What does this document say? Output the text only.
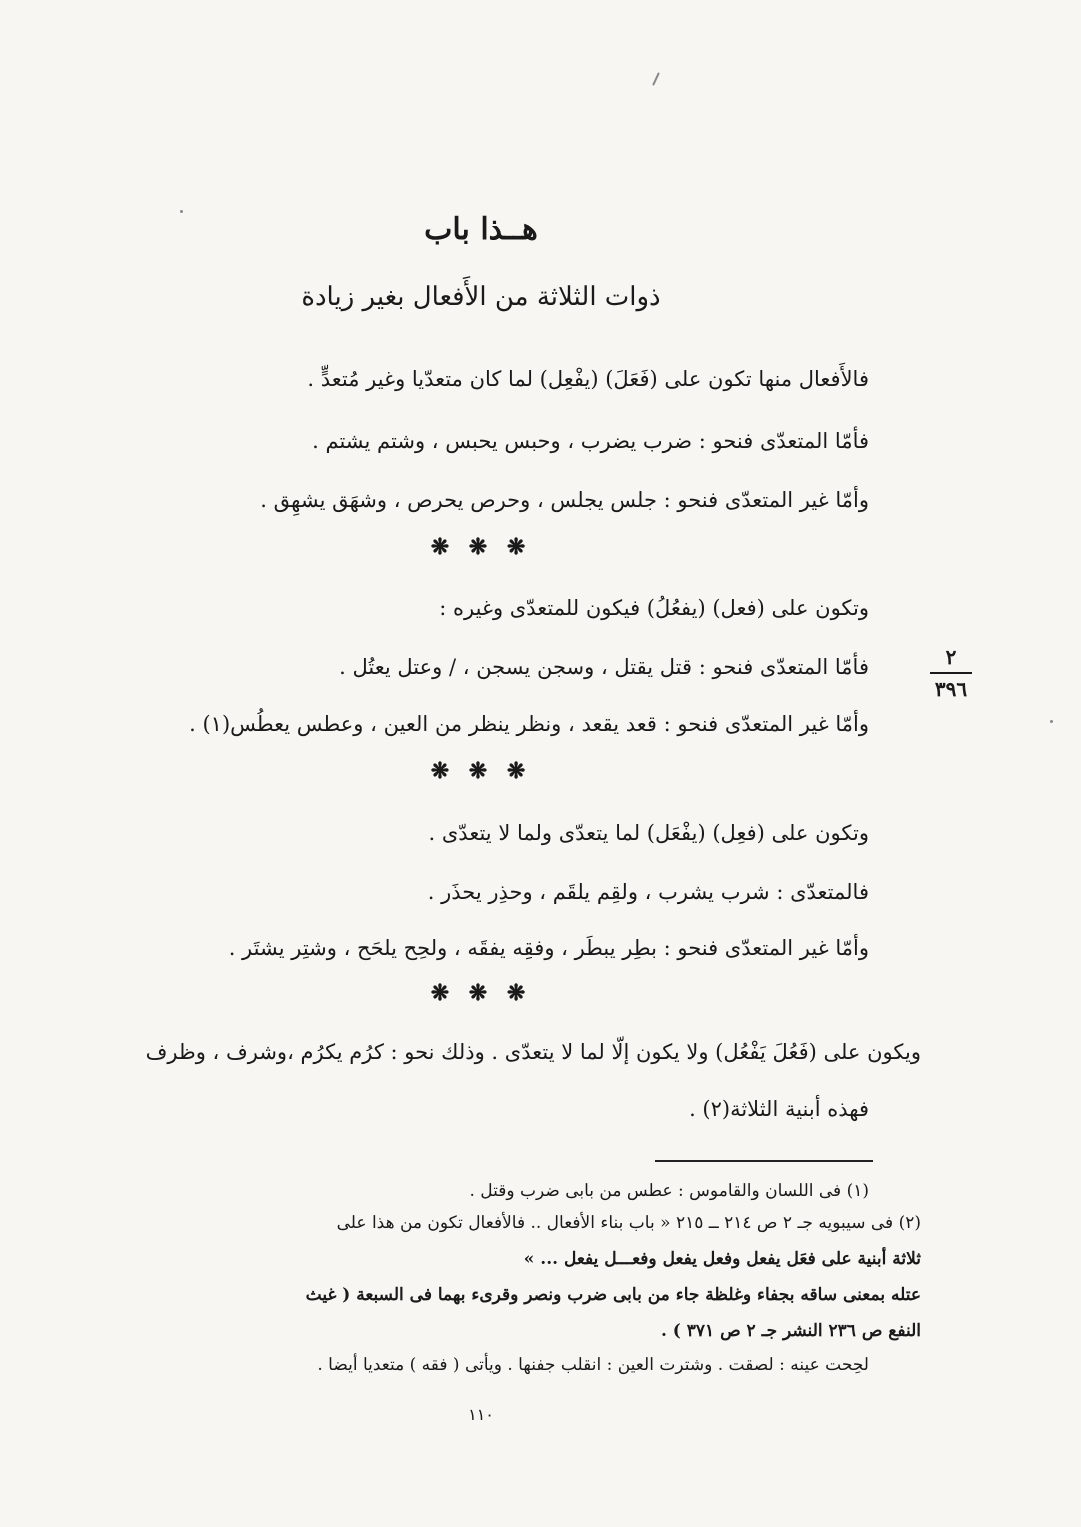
هــذا باب
ذوات الثلاثة من الأَفعال بغير زيادة
فالأَفعال منها تكون على (فَعَلَ) (يفْعِل) لما كان متعدّيا وغير مُتعدٍّ .
فأمّا المتعدّى فنحو : ضرب يضرب ، وحبس يحبس ، وشتم يشتم .
وأمّا غير المتعدّى فنحو : جلس يجلس ، وحرص يحرص ، وشهَق يشهِق .
❋ ❋ ❋
وتكون على (فعل) (يفعُلُ) فيكون للمتعدّى وغيره :
فأمّا المتعدّى فنحو : قتل يقتل ، وسجن يسجن ، / وعتل يعتُل .
وأمّا غير المتعدّى فنحو : قعد يقعد ، ونظر ينظر من العين ، وعطس يعطُس(١) .
٢
٣٩٦
❋ ❋ ❋
وتكون على (فعِل) (يفْعَل) لما يتعدّى ولما لا يتعدّى .
فالمتعدّى : شرب يشرب ، ولقِم يلقَم ، وحذِر يحذَر .
وأمّا غير المتعدّى فنحو : بطِر يبطَر ، وفقِه يفقَه ، ولحِح يلحَح ، وشتِر يشتَر .
❋ ❋ ❋
ويكون على (فَعُلَ يَفْعُل) ولا يكون إلّا لما لا يتعدّى . وذلك نحو : كرُم يكرُم ،وشرف ، وظرف
فهذه أبنية الثلاثة(٢) .
(١) فى اللسان والقاموس : عطس من بابى ضرب وقتل .
(٢) فى سيبويه جـ ٢ ص ٢١٤ ــ ٢١٥ « باب بناء الأفعال .. فالأفعال تكون من هذا على
ثلاثة أبنية على فعَل يفعل وفعل يفعل وفعـــل يفعل ... »
عتله بمعنى ساقه بجفاء وغلظة جاء من بابى ضرب ونصر وقرىء بهما فى السبعة ( غيث
النفع ص ٢٣٦ النشر جـ ٢ ص ٣٧١ ) .
لحِحت عينه : لصقت . وشترت العين : انقلب جفنها . ويأتى ( فقه ) متعديا أيضا .
١١٠
